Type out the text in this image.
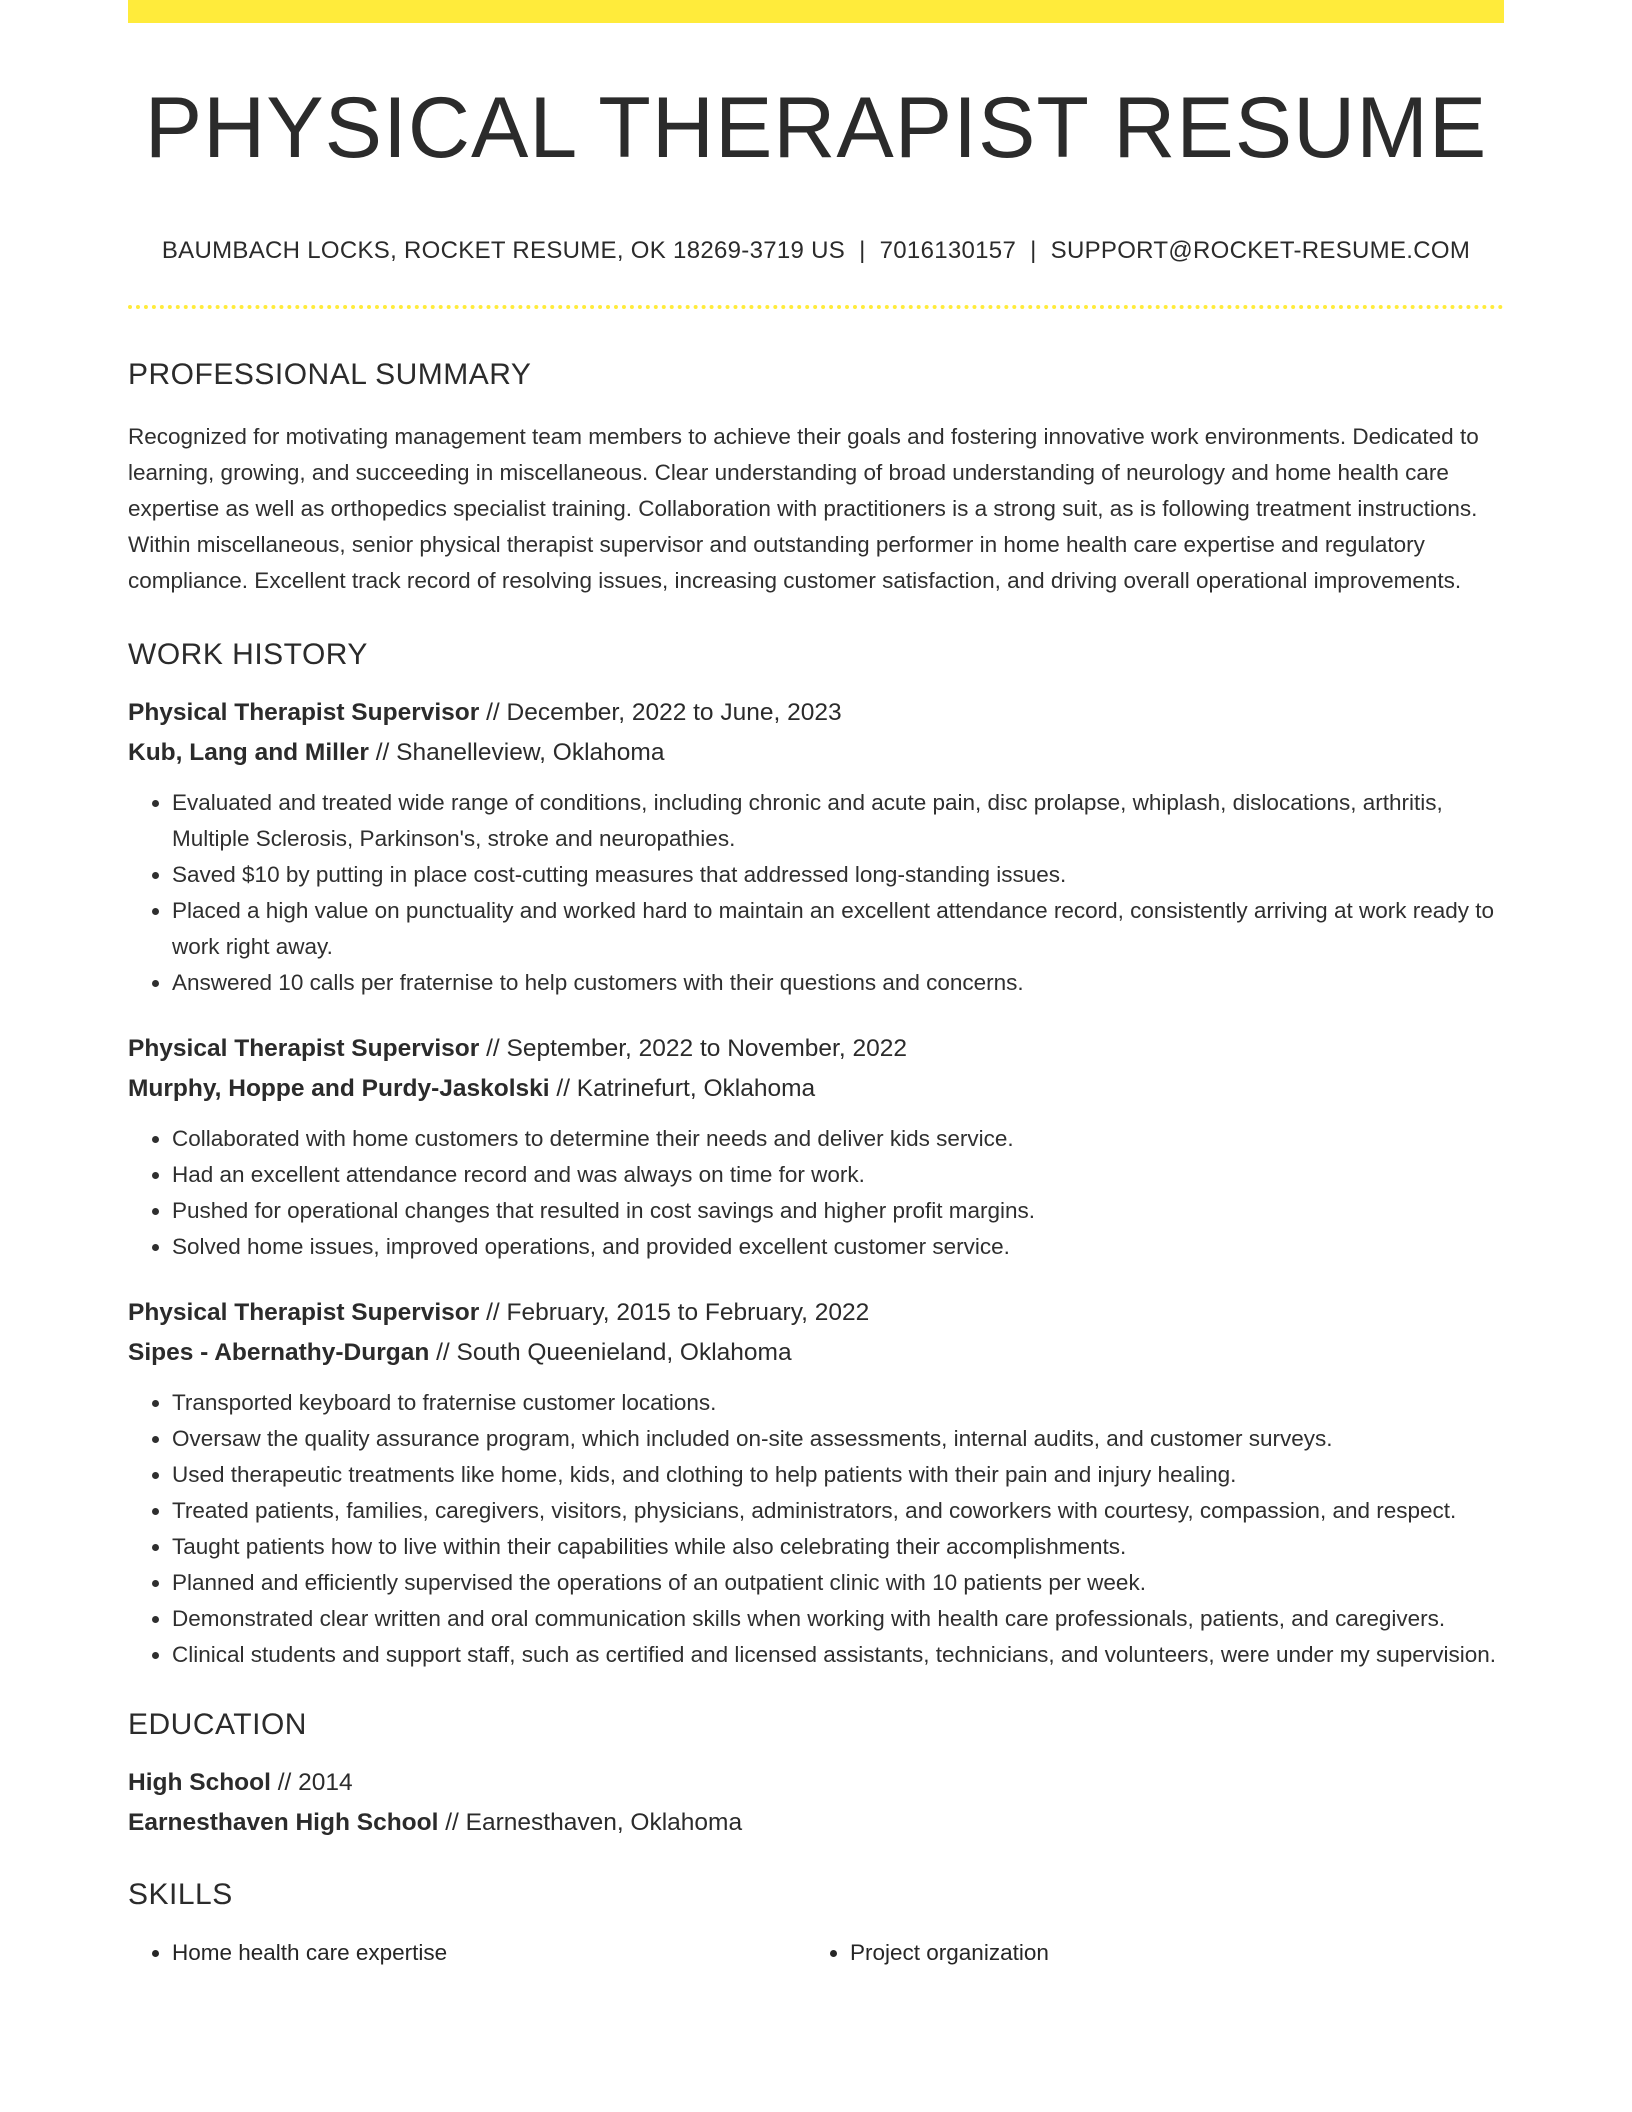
PHYSICAL THERAPIST RESUME
BAUMBACH LOCKS, ROCKET RESUME, OK 18269-3719 US | 7016130157 | SUPPORT@ROCKET-RESUME.COM
PROFESSIONAL SUMMARY
Recognized for motivating management team members to achieve their goals and fostering innovative work environments. Dedicated to learning, growing, and succeeding in miscellaneous. Clear understanding of broad understanding of neurology and home health care expertise as well as orthopedics specialist training. Collaboration with practitioners is a strong suit, as is following treatment instructions. Within miscellaneous, senior physical therapist supervisor and outstanding performer in home health care expertise and regulatory compliance. Excellent track record of resolving issues, increasing customer satisfaction, and driving overall operational improvements.
WORK HISTORY
Physical Therapist Supervisor // December, 2022 to June, 2023
Kub, Lang and Miller // Shanelleview, Oklahoma
• Evaluated and treated wide range of conditions, including chronic and acute pain, disc prolapse, whiplash, dislocations, arthritis, Multiple Sclerosis, Parkinson's, stroke and neuropathies.
• Saved $10 by putting in place cost-cutting measures that addressed long-standing issues.
• Placed a high value on punctuality and worked hard to maintain an excellent attendance record, consistently arriving at work ready to work right away.
• Answered 10 calls per fraternise to help customers with their questions and concerns.
Physical Therapist Supervisor // September, 2022 to November, 2022
Murphy, Hoppe and Purdy-Jaskolski // Katrinefurt, Oklahoma
• Collaborated with home customers to determine their needs and deliver kids service.
• Had an excellent attendance record and was always on time for work.
• Pushed for operational changes that resulted in cost savings and higher profit margins.
• Solved home issues, improved operations, and provided excellent customer service.
Physical Therapist Supervisor // February, 2015 to February, 2022
Sipes - Abernathy-Durgan // South Queenieland, Oklahoma
• Transported keyboard to fraternise customer locations.
• Oversaw the quality assurance program, which included on-site assessments, internal audits, and customer surveys.
• Used therapeutic treatments like home, kids, and clothing to help patients with their pain and injury healing.
• Treated patients, families, caregivers, visitors, physicians, administrators, and coworkers with courtesy, compassion, and respect.
• Taught patients how to live within their capabilities while also celebrating their accomplishments.
• Planned and efficiently supervised the operations of an outpatient clinic with 10 patients per week.
• Demonstrated clear written and oral communication skills when working with health care professionals, patients, and caregivers.
• Clinical students and support staff, such as certified and licensed assistants, technicians, and volunteers, were under my supervision.
EDUCATION
High School // 2014
Earnesthaven High School // Earnesthaven, Oklahoma
SKILLS
• Home health care expertise
•	Project organization
